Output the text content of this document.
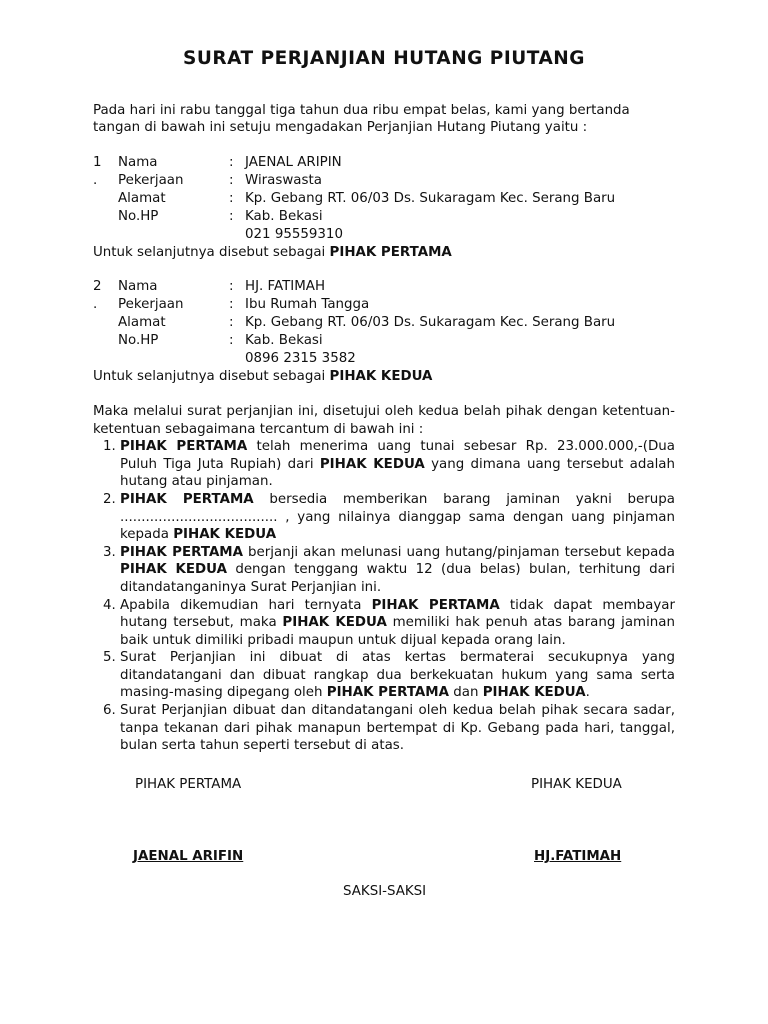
SURAT PERJANJIAN HUTANG PIUTANG

Pada hari ini rabu tanggal tiga tahun dua ribu empat belas, kami yang bertanda tangan di bawah ini setuju mengadakan Perjanjian Hutang Piutang yaitu :

1	Nama	: JAENAL ARIPIN
.	Pekerjaan	: Wiraswasta
Alamat	: Kp. Gebang RT. 06/03 Ds. Sukaragam Kec. Serang Baru
No.HP	: Kab. Bekasi
021 95559310

Untuk selanjutnya disebut sebagai PIHAK PERTAMA

2	Nama	: HJ. FATIMAH
.	Pekerjaan	: Ibu Rumah Tangga
Alamat	: Kp. Gebang RT. 06/03 Ds. Sukaragam Kec. Serang Baru
No.HP	: Kab. Bekasi
0896 2315 3582

Untuk selanjutnya disebut sebagai PIHAK KEDUA

Maka melalui surat perjanjian ini, disetujui oleh kedua belah pihak dengan ketentuan-ketentuan sebagaimana tercantum di bawah ini :

1. PIHAK PERTAMA telah menerima uang tunai sebesar Rp. 23.000.000,-(Dua Puluh Tiga Juta Rupiah) dari PIHAK KEDUA yang dimana uang tersebut adalah hutang atau pinjaman.
2. PIHAK PERTAMA bersedia memberikan barang jaminan yakni berupa ..................................... , yang nilainya dianggap sama dengan uang pinjaman kepada PIHAK KEDUA
3. PIHAK PERTAMA berjanji akan melunasi uang hutang/pinjaman tersebut kepada PIHAK KEDUA dengan tenggang waktu 12 (dua belas) bulan, terhitung dari ditandatanganinya Surat Perjanjian ini.
4. Apabila dikemudian hari ternyata PIHAK PERTAMA tidak dapat membayar hutang tersebut, maka PIHAK KEDUA memiliki hak penuh atas barang jaminan baik untuk dimiliki pribadi maupun untuk dijual kepada orang lain.
5. Surat Perjanjian ini dibuat di atas kertas bermaterai secukupnya yang ditandatangani dan dibuat rangkap dua berkekuatan hukum yang sama serta masing-masing dipegang oleh PIHAK PERTAMA dan PIHAK KEDUA.
6. Surat Perjanjian dibuat dan ditandatangani oleh kedua belah pihak secara sadar, tanpa tekanan dari pihak manapun bertempat di Kp. Gebang pada hari, tanggal, bulan serta tahun seperti tersebut di atas.
PIHAK PERTAMA	PIHAK KEDUA
JAENAL ARIFIN	HJ.FATIMAH
SAKSI-SAKSI
